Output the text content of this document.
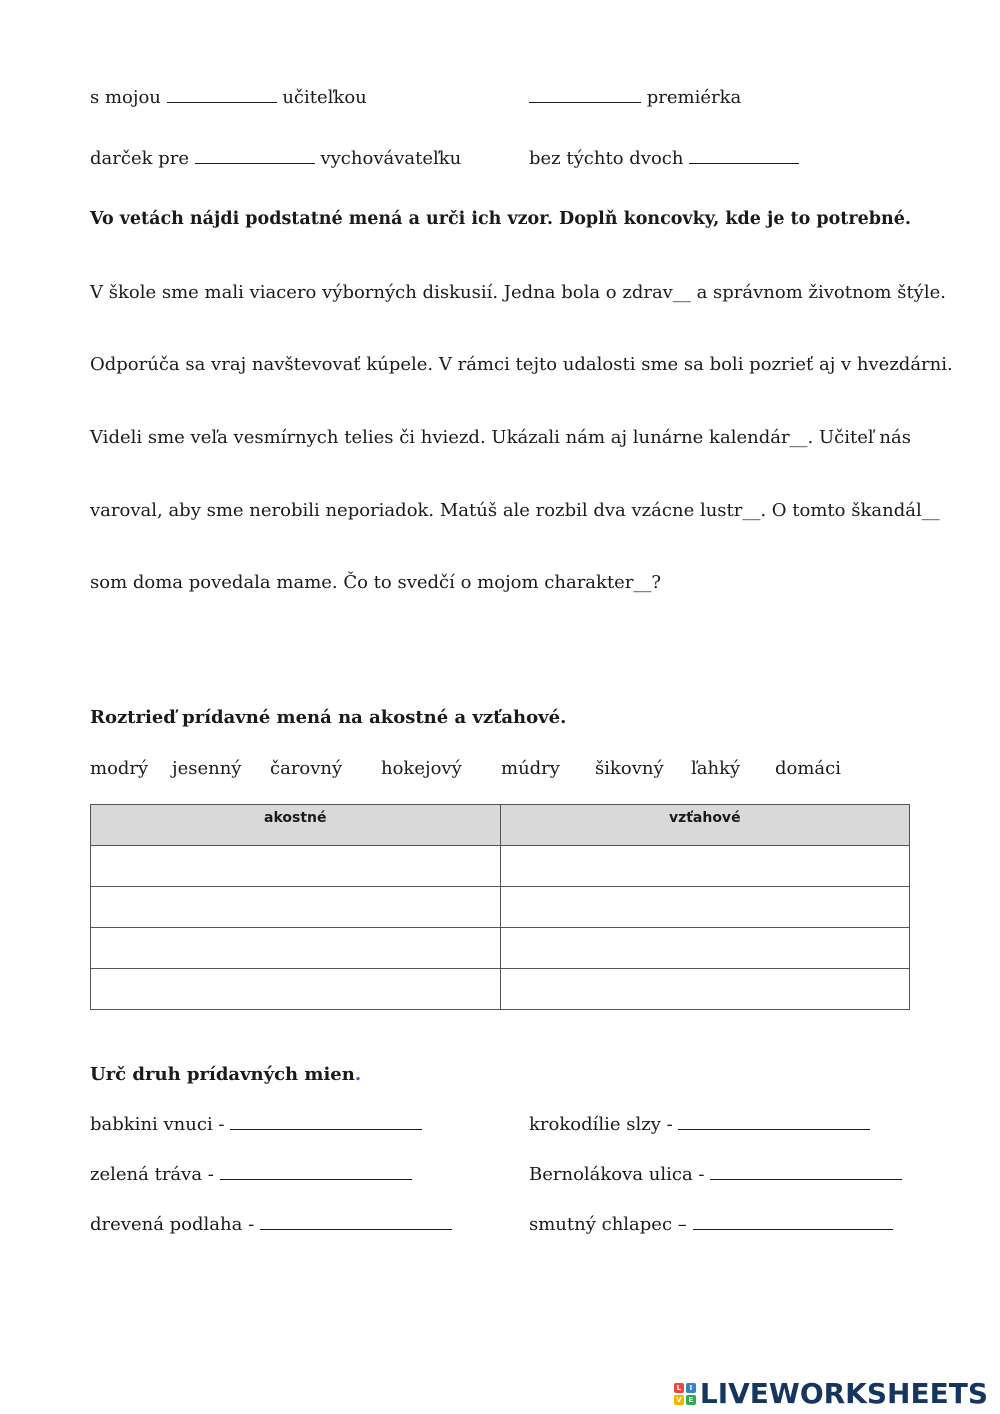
s mojou	učiteľkou	premiérka
darček pre	vychovávateľku	bez týchto dvoch
Vo vetách nájdi podstatné mená a urči ich vzor. Doplň koncovky, kde je to potrebné.
V škole sme mali viacero výborných diskusií. Jedna bola o zdrav__ a správnom životnom štýle.
Odporúča sa vraj navštevovať kúpele. V rámci tejto udalosti sme sa boli pozrieť aj v hvezdárni.
Videli sme veľa vesmírnych telies či hviezd. Ukázali nám aj lunárne kalendár__. Učiteľ nás
varoval, aby sme nerobili neporiadok. Matúš ale rozbil dva vzácne lustr__. O tomto škandál__
som doma povedala mame. Čo to svedčí o mojom charakter__?
Roztrieď prídavné mená na akostné a vzťahové.
modrý jesenný čarovný hokejový múdry šikovný ľahký domáci
akostné	vzťahové

Urč druh prídavných mien.
babkini vnuci -	krokodílie slzy -
zelená tráva -	Bernolákova ulica -
drevená podlaha -	smutný chlapec –
L	I
V E LIVEWORKSHEETS
